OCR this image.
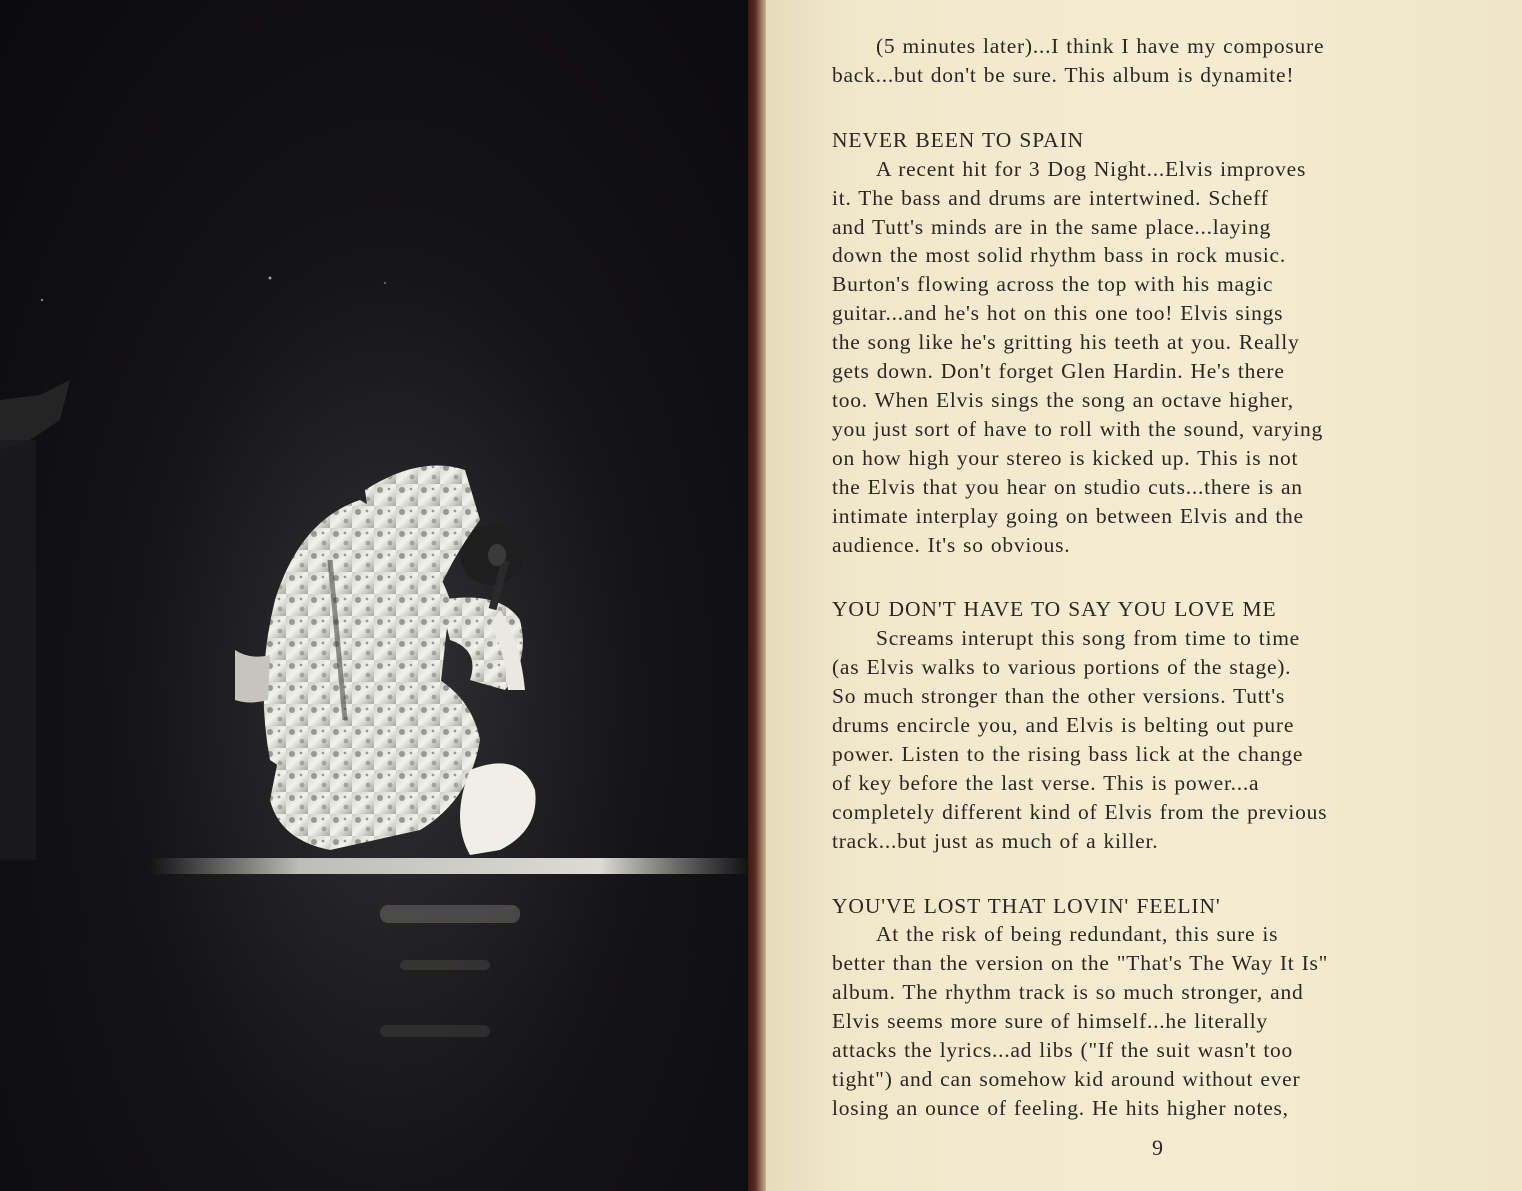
(5 minutes later)...I think I have my composure
back...but don't be sure. This album is dynamite!
NEVER BEEN TO SPAIN
A recent hit for 3 Dog Night...Elvis improves
it. The bass and drums are intertwined. Scheff
and Tutt's minds are in the same place...laying
down the most solid rhythm bass in rock music.
Burton's flowing across the top with his magic
guitar...and he's hot on this one too! Elvis sings
the song like he's gritting his teeth at you. Really
gets down. Don't forget Glen Hardin. He's there
too. When Elvis sings the song an octave higher,
you just sort of have to roll with the sound, varying
on how high your stereo is kicked up. This is not
the Elvis that you hear on studio cuts...there is an
intimate interplay going on between Elvis and the
audience. It's so obvious.
YOU DON'T HAVE TO SAY YOU LOVE ME
Screams interupt this song from time to time
(as Elvis walks to various portions of the stage).
So much stronger than the other versions. Tutt's
drums encircle you, and Elvis is belting out pure
power. Listen to the rising bass lick at the change
of key before the last verse. This is power...a
completely different kind of Elvis from the previous
track...but just as much of a killer.
YOU'VE LOST THAT LOVIN' FEELIN'
At the risk of being redundant, this sure is
better than the version on the "That's The Way It Is"
album. The rhythm track is so much stronger, and
Elvis seems more sure of himself...he literally
attacks the lyrics...ad libs ("If the suit wasn't too
tight") and can somehow kid around without ever
losing an ounce of feeling. He hits higher notes,
9
